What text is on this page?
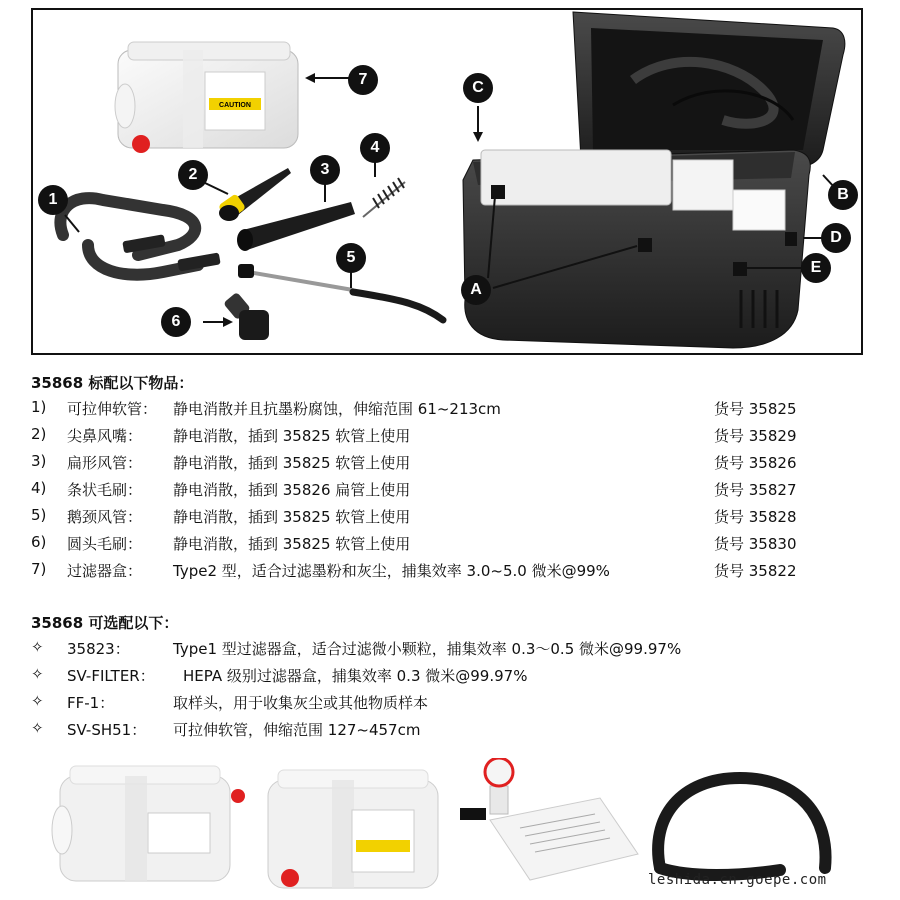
CAUTION
7
1
2	3
4
5
6
C
A
B
D
E
35868 标配以下物品：
1) 可拉伸软管： 静电消散并且抗墨粉腐蚀，伸缩范围 61~213cm	货号 35825
2) 尖鼻风嘴： 静电消散，插到 35825 软管上使用	货号 35829
3) 扁形风管： 静电消散，插到 35825 软管上使用	货号 35826
4) 条状毛刷： 静电消散，插到 35826 扁管上使用	货号 35827
5) 鹅颈风管： 静电消散，插到 35825 软管上使用	货号 35828
6) 圆头毛刷： 静电消散，插到 35825 软管上使用	货号 35830
7) 过滤器盒： Type2 型，适合过滤墨粉和灰尘，捕集效率 3.0~5.0 微米@99%	货号 35822
35868 可选配以下：
✧ 35823：	Type1 型过滤器盒，适合过滤微小颗粒，捕集效率 0.3～0.5 微米@99.97%
✧ SV-FILTER： HEPA 级别过滤器盒，捕集效率 0.3 微米@99.97%
✧ FF-1：	取样头，用于收集灰尘或其他物质样本
✧ SV-SH51： 可拉伸软管，伸缩范围 127~457cm
leshida.cn.goepe.com
